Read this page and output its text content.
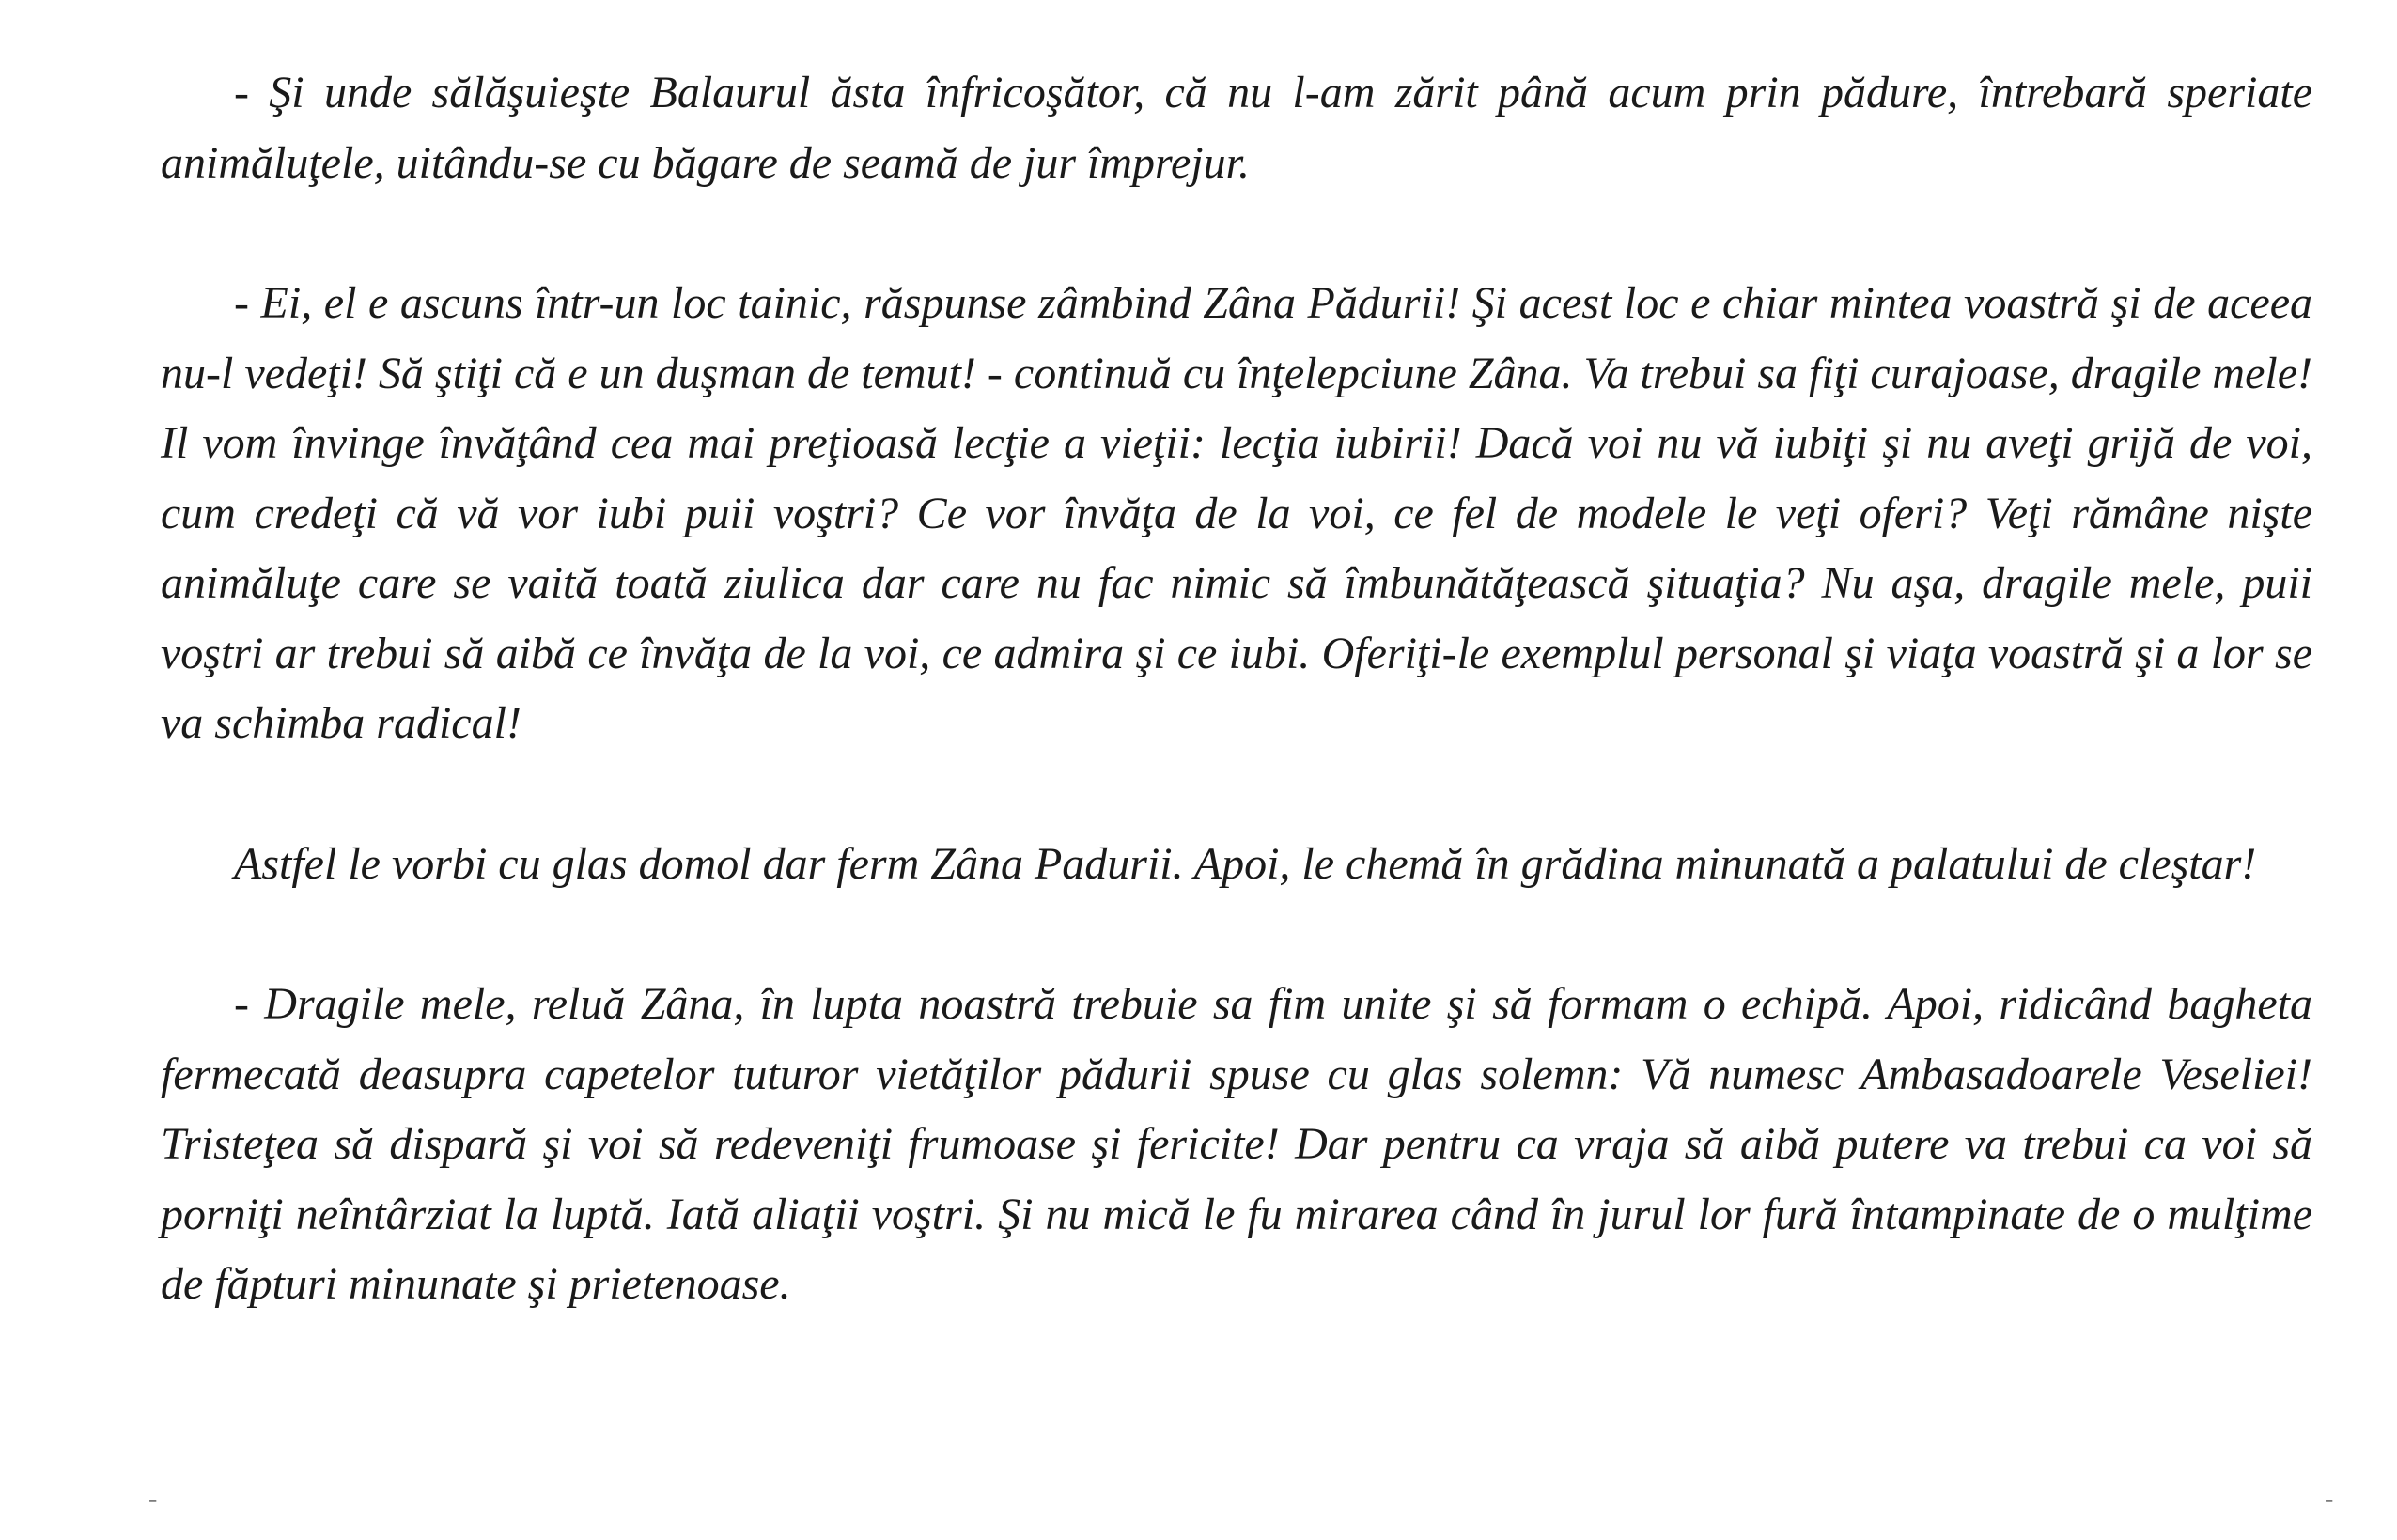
- Şi unde sălăşuieşte Balaurul ăsta înfricoşător, că nu l-am zărit până acum prin pădure, întrebară speriate animăluţele, uitându-se cu băgare de seamă de jur împrejur.

- Ei, el e ascuns într-un loc tainic, răspunse zâmbind Zâna Pădurii! Şi acest loc e chiar mintea voastră şi de aceea nu-l vedeţi! Să ştiţi că e un duşman de temut! - continuă cu înţelepciune Zâna. Va trebui sa fiţi curajoase, dragile mele! Il vom învinge învăţând cea mai preţioasă lecţie a vieţii: lecţia iubirii! Dacă voi nu vă iubiţi şi nu aveţi grijă de voi, cum credeţi că vă vor iubi puii voştri? Ce vor învăţa de la voi, ce fel de modele le veţi oferi? Veţi rămâne nişte animăluţe care se vaită toată ziulica dar care nu fac nimic să îmbunătăţească şituaţia? Nu aşa, dragile mele, puii voştri ar trebui să aibă ce învăţa de la voi, ce admira şi ce iubi. Oferiţi-le exemplul personal şi viaţa voastră şi a lor se va schimba radical!

Astfel le vorbi cu glas domol dar ferm Zâna Padurii. Apoi, le chemă în grădina minunată a palatului de cleştar!

- Dragile mele, reluă Zâna, în lupta noastră trebuie sa fim unite şi să formam o echipă. Apoi, ridicând bagheta fermecată deasupra capetelor tuturor vietăţilor pădurii spuse cu glas solemn: Vă numesc Ambasadoarele Veseliei! Tristeţea să dispară şi voi să redeveniţi frumoase şi fericite! Dar pentru ca vraja să aibă putere va trebui ca voi să porniţi neîntârziat la luptă. Iată aliaţii voştri. Şi nu mică le fu mirarea când în jurul lor fură întampinate de o mulţime de făpturi minunate şi prietenoase.

-	-
